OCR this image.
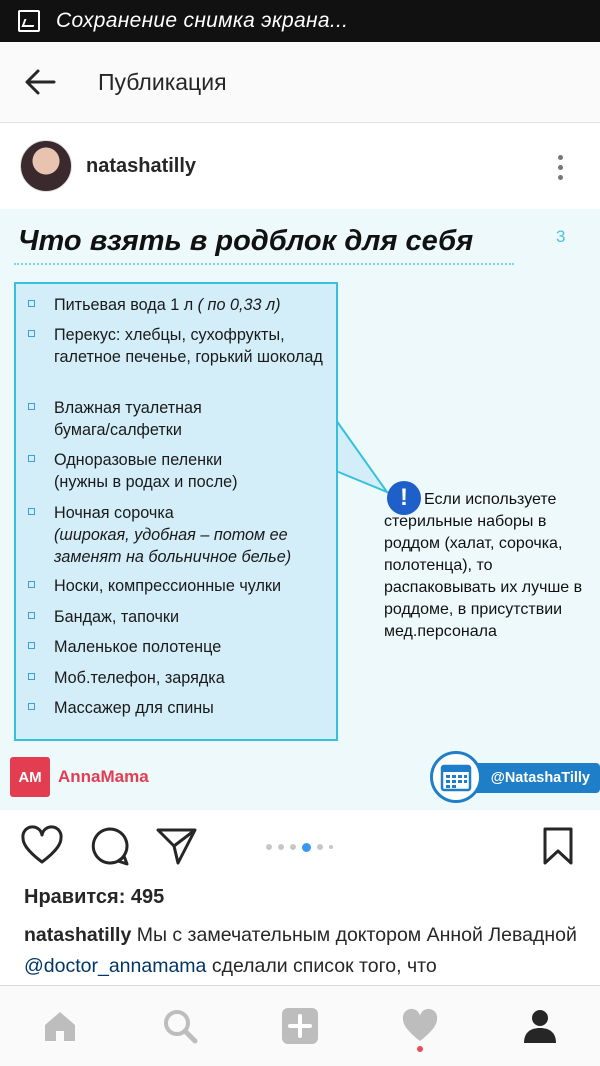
Сохранение снимка экрана...
Публикация
natashatilly
Что взять в родблок для себя	3
Питьевая вода 1 л ( по 0,33 л)
Перекус: хлебцы, сухофрукты, галетное печенье, горький шоколад
Влажная туалетная бумага/салфетки
Одноразовые пеленки (нужны в родах и после)
Ночная сорочка
(широкая, удобная – потом ее заменят на больничное белье)
Носки, компрессионные чулки
Бандаж, тапочки
Маленькое полотенце
Моб.телефон, зарядка
Массажер для спины
!	Если используете
стерильные наборы в роддом (халат, сорочка, полотенца), то распаковывать их лучше в роддоме, в присутствии мед.персонала
AM AnnaMama	@NatashaTilly
Нравится: 495
natashatilly Мы с замечательным доктором Анной Левадной @doctor_annamama сделали список того, что
